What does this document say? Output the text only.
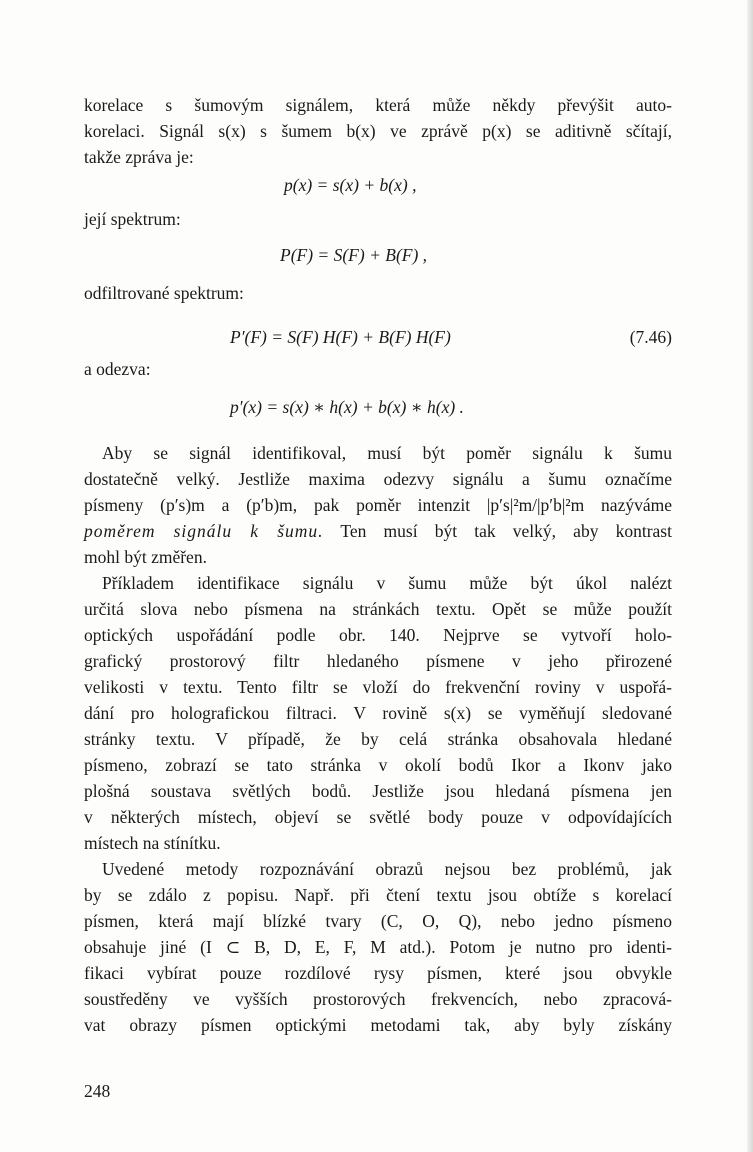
korelace s šumovým signálem, která může někdy převýšit auto-

korelaci. Signál s(x) s šumem b(x) ve zprávě p(x) se aditivně sčítají,

takže zpráva je:

p(x) = s(x) + b(x) ,

její spektrum:

P(F) = S(F) + B(F) ,

odfiltrované spektrum:

P′(F) = S(F) H(F) + B(F) H(F)	(7.46)

a odezva:

p′(x) = s(x) ∗ h(x) + b(x) ∗ h(x) .

Aby se signál identifikoval, musí být poměr signálu k šumu

dostatečně velký. Jestliže maxima odezvy signálu a šumu označíme

písmeny (p′s)m a (p′b)m, pak poměr intenzit |p′s|²m/|p′b|²m nazýváme

poměrem signálu k šumu. Ten musí být tak velký, aby kontrast

mohl být změřen.

Příkladem identifikace signálu v šumu může být úkol nalézt

určitá slova nebo písmena na stránkách textu. Opět se může použít

optických uspořádání podle obr. 140. Nejprve se vytvoří holo-

grafický prostorový filtr hledaného písmene v jeho přirozené

velikosti v textu. Tento filtr se vloží do frekvenční roviny v uspořá-

dání pro holografickou filtraci. V rovině s(x) se vyměňují sledované

stránky textu. V případě, že by celá stránka obsahovala hledané

písmeno, zobrazí se tato stránka v okolí bodů Ikor a Ikonv jako

plošná soustava světlých bodů. Jestliže jsou hledaná písmena jen

v některých místech, objeví se světlé body pouze v odpovídajících

místech na stínítku.

Uvedené metody rozpoznávání obrazů nejsou bez problémů, jak

by se zdálo z popisu. Např. při čtení textu jsou obtíže s korelací

písmen, která mají blízké tvary (C, O, Q), nebo jedno písmeno

obsahuje jiné (I ⊂ B, D, E, F, M atd.). Potom je nutno pro identi-

fikaci vybírat pouze rozdílové rysy písmen, které jsou obvykle

soustředěny ve vyšších prostorových frekvencích, nebo zpracová-

vat obrazy písmen optickými metodami tak, aby byly získány

248
